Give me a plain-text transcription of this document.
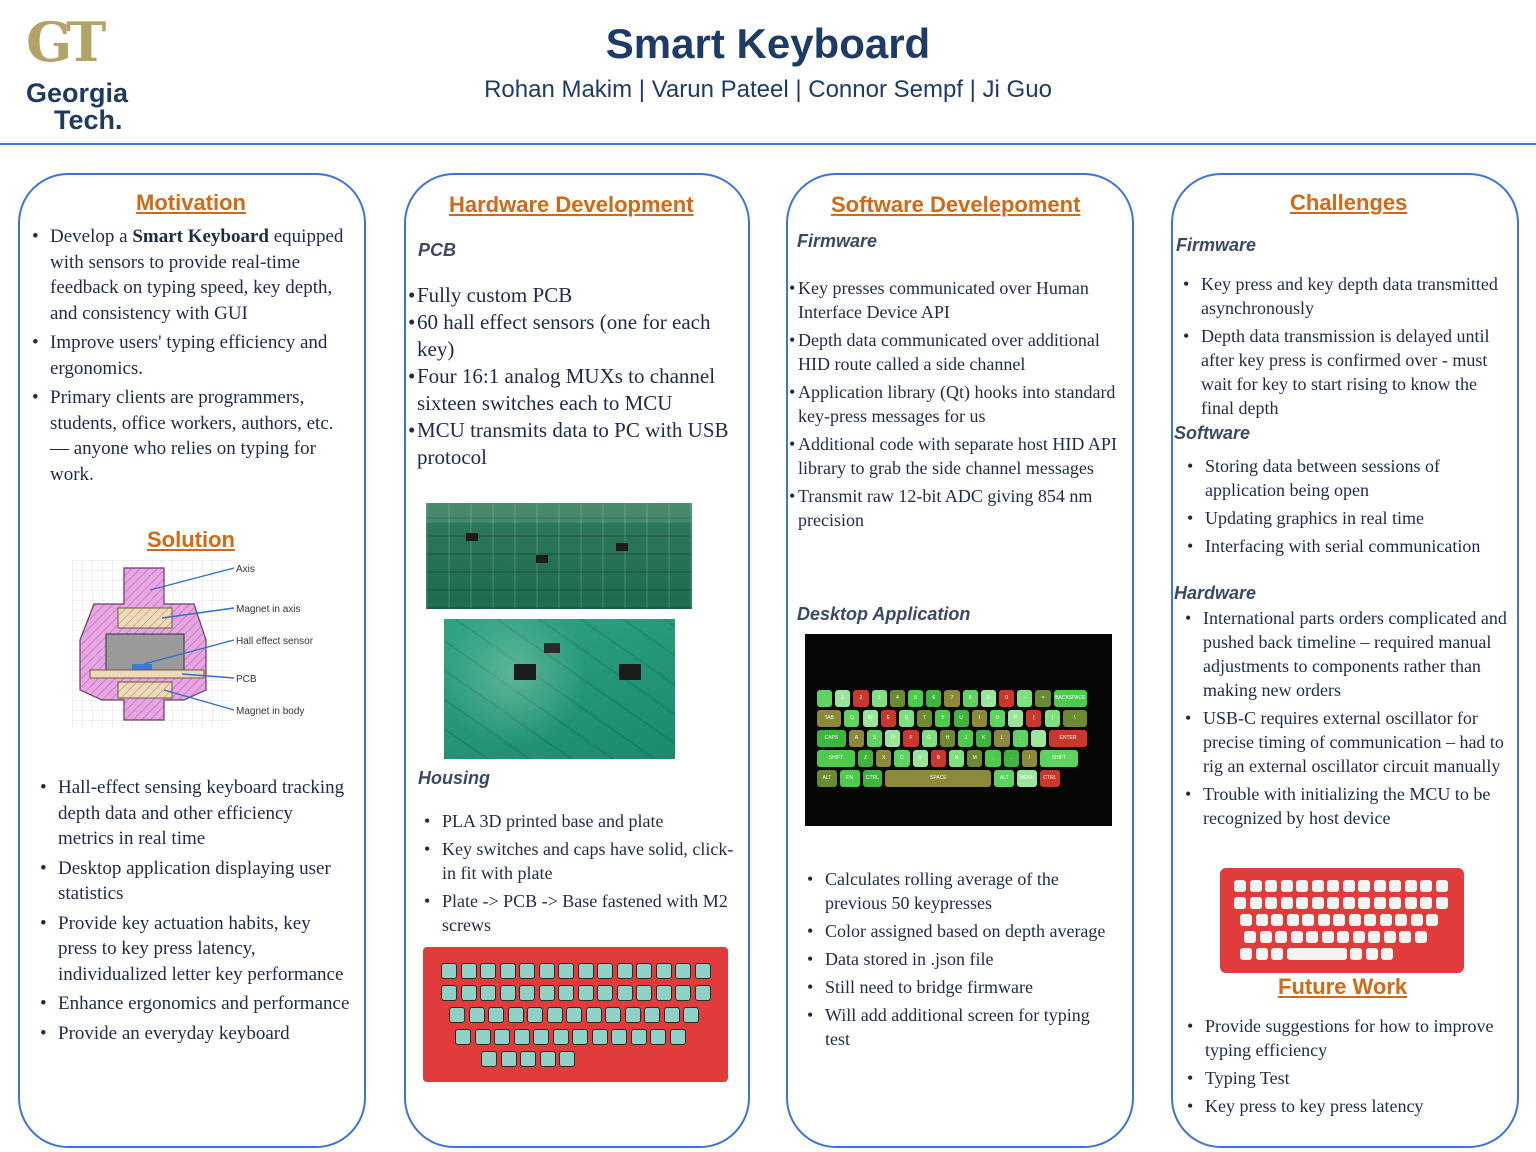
GT
Georgia
Tech.
Smart Keyboard
Rohan Makim | Varun Pateel | Connor Sempf | Ji Guo
Motivation
• Develop a Smart Keyboard equipped with sensors to provide real-time feedback on typing speed, key depth, and consistency with GUI
• Improve users' typing efficiency and ergonomics.
• Primary clients are programmers, students, office workers, authors, etc. — anyone who relies on typing for work.
Solution
Axis
Magnet in axis
Hall effect sensor
PCB
Magnet in body
• Hall-effect sensing keyboard tracking depth data and other efficiency metrics in real time
• Desktop application displaying user statistics
• Provide key actuation habits, key press to key press latency, individualized letter key performance
• Enhance ergonomics and performance
• Provide an everyday keyboard
Hardware Development
PCB
• Fully custom PCB
• 60 hall effect sensors (one for each key)
• Four 16:1 analog MUXs to channel sixteen switches each to MCU
• MCU transmits data to PC with USB protocol
Housing
• PLA 3D printed base and plate
• Key switches and caps have solid, click-in fit with plate
• Plate -> PCB -> Base fastened with M2 screws
Software Develepoment
Firmware
• Key presses communicated over Human Interface Device API
• Depth data communicated over additional HID route called a side channel
• Application library (Qt) hooks into standard key-press messages for us
• Additional code with separate host HID API library to grab the side channel messages
• Transmit raw 12-bit ADC giving 854 nm precision
Desktop Application
`	1	2	3	4	5	6	7	8	9	0	-	=	BACKSPACE
TAB	Q	W	E	R	T	Y	U	I	O	P	[	]	\
CAPS	A	S	D	F	G	H	J	K	L	;	'	ENTER
SHIFT	Z	X	C	V	B	N	M	,	.	/	SHIFT
ALT	FN	CTRL	SPACE	ALT	MENU	CTRL
• Calculates rolling average of the previous 50 keypresses
• Color assigned based on depth average
• Data stored in .json file
• Still need to bridge firmware
• Will add additional screen for typing test
Challenges
Firmware
• Key press and key depth data transmitted asynchronously
• Depth data transmission is delayed until after key press is confirmed over - must wait for key to start rising to know the final depth
Software
• Storing data between sessions of application being open
• Updating graphics in real time
• Interfacing with serial communication
Hardware
• International parts orders complicated and pushed back timeline – required manual adjustments to components rather than making new orders
• USB-C requires external oscillator for precise timing of communication – had to rig an external oscillator circuit manually
• Trouble with initializing the MCU to be recognized by host device
Future Work
• Provide suggestions for how to improve typing efficiency
• Typing Test
• Key press to key press latency
